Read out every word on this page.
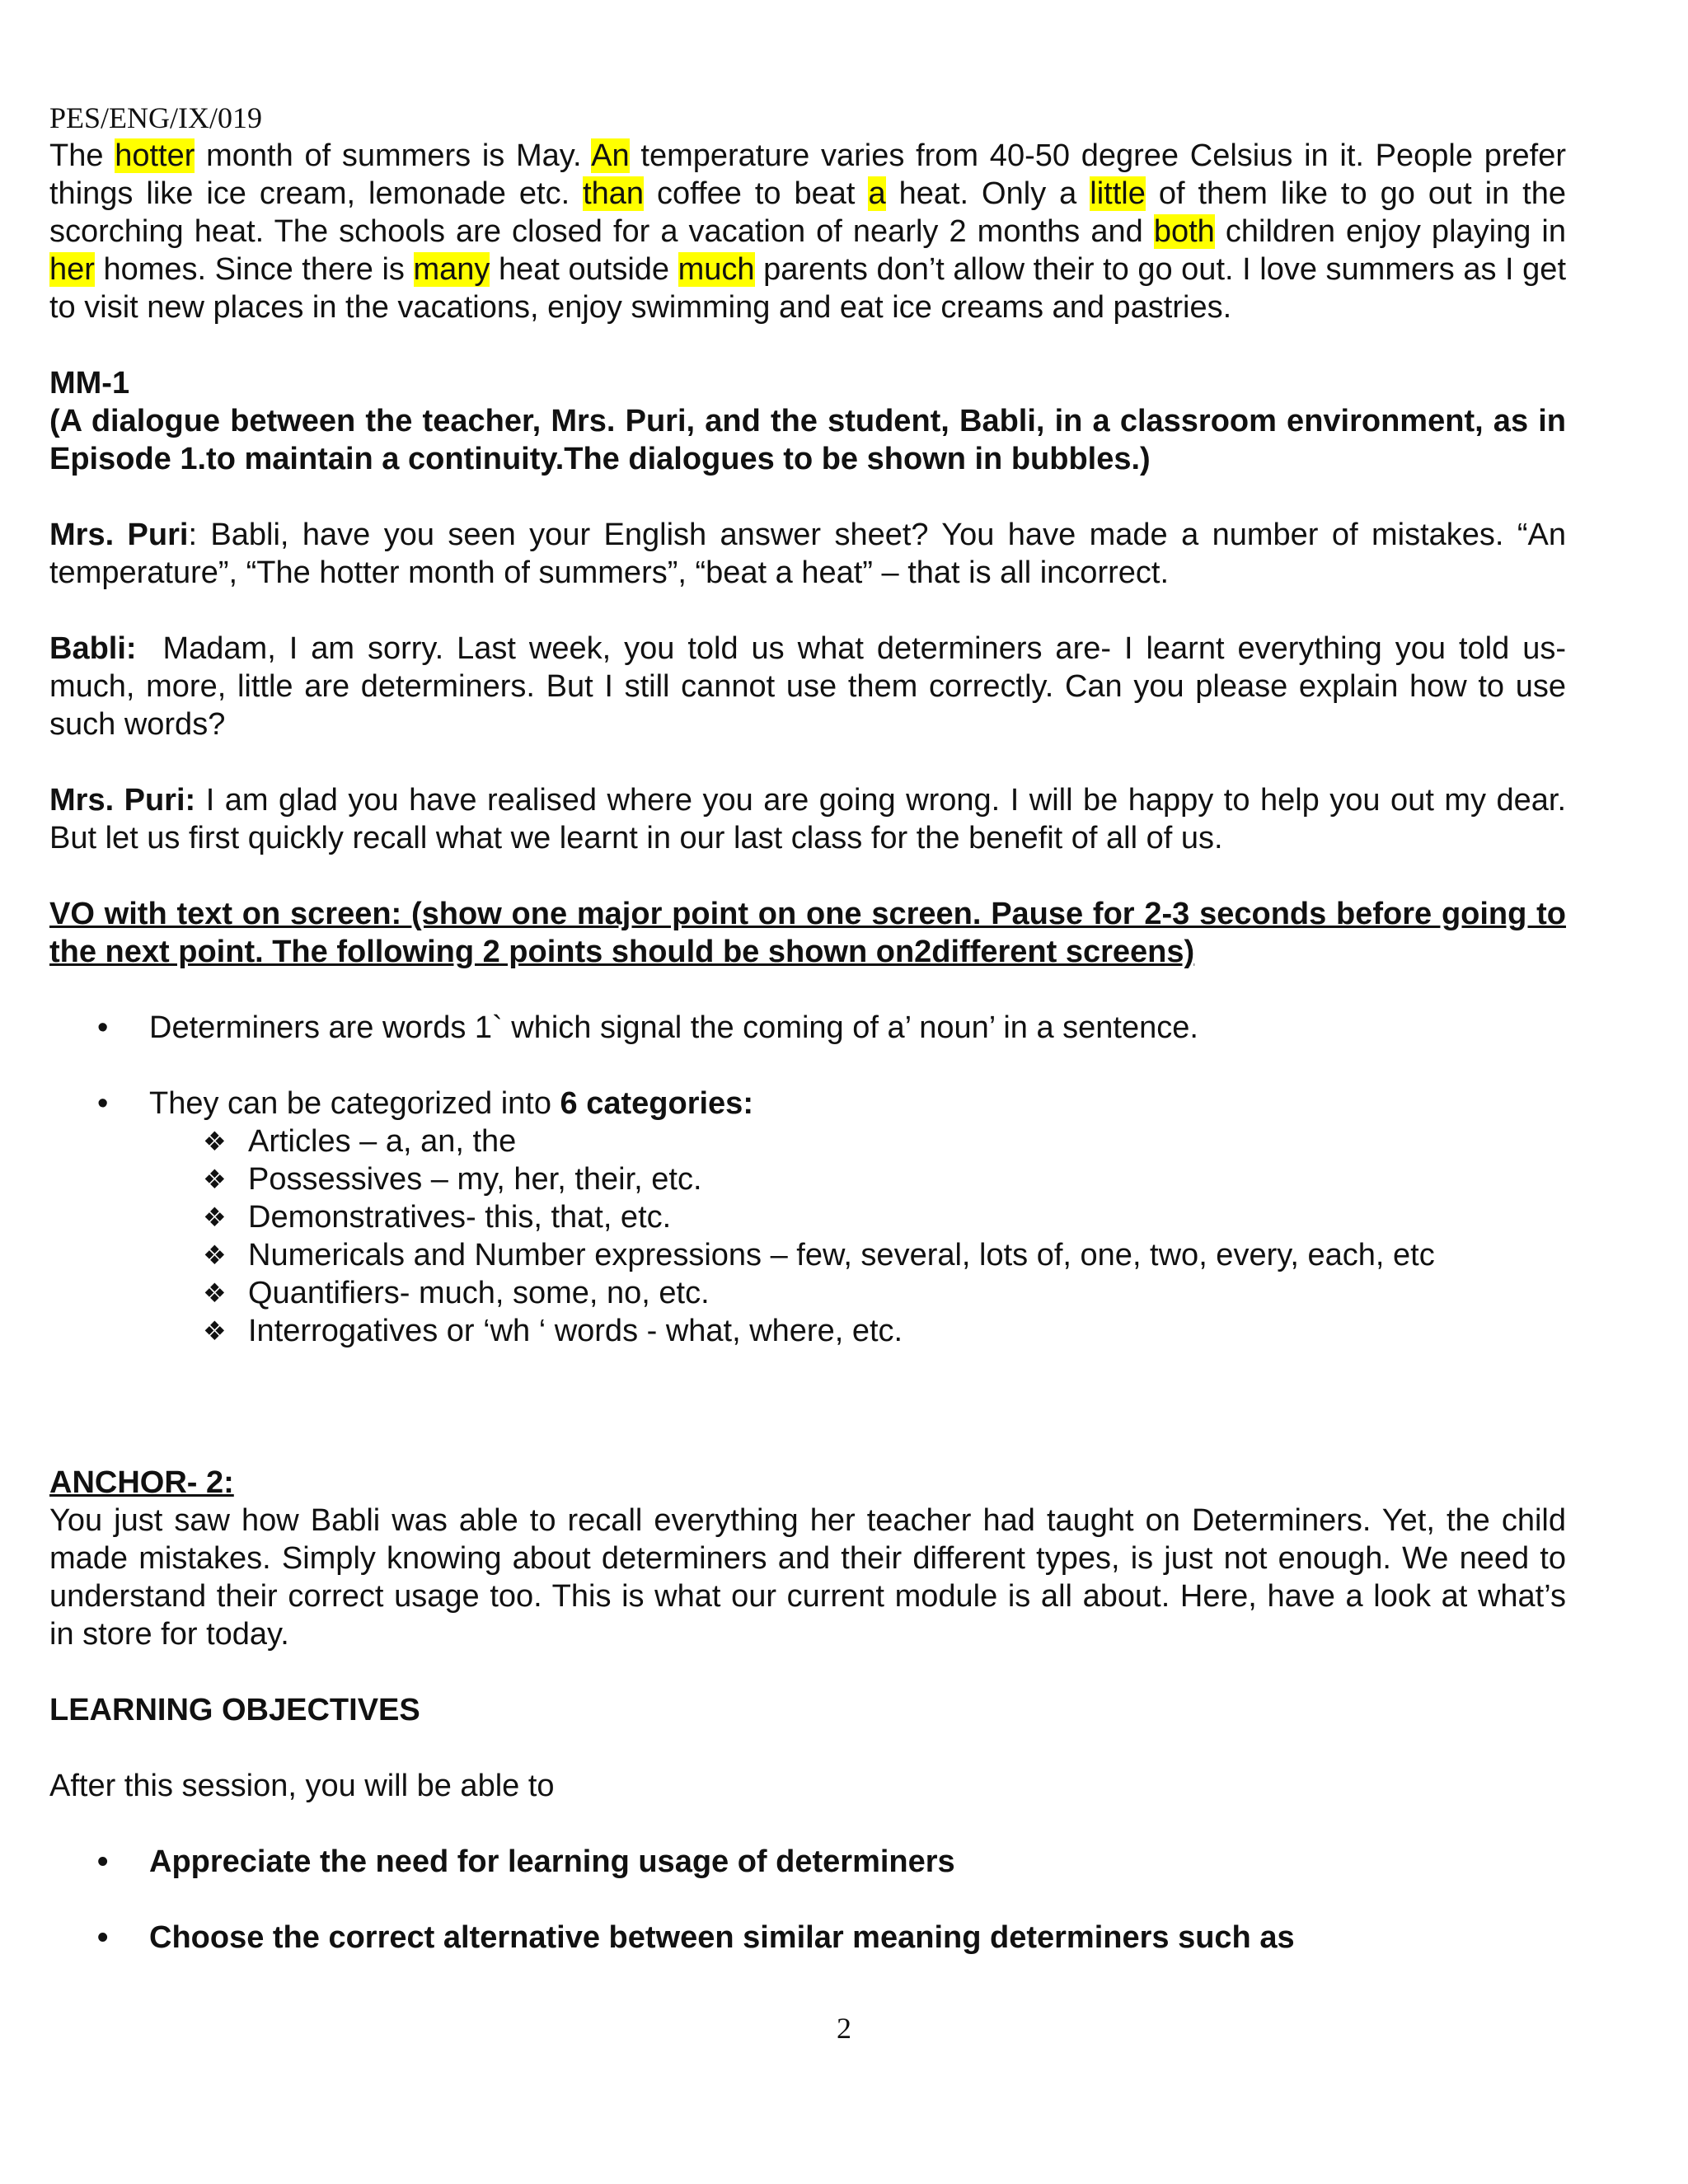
PES/ENG/IX/019

The hotter month of summers is May. An temperature varies from 40-50 degree Celsius in it. People prefer things like ice cream, lemonade etc. than coffee to beat a heat. Only a little of them like to go out in the scorching heat. The schools are closed for a vacation of nearly 2 months and both children enjoy playing in her homes. Since there is many heat outside much parents don’t allow their to go out. I love summers as I get to visit new places in the vacations, enjoy swimming and eat ice creams and pastries.

MM-1
(A dialogue between the teacher, Mrs. Puri, and the student, Babli, in a classroom environment, as in Episode 1.to maintain a continuity.The dialogues to be shown in bubbles.)

Mrs. Puri: Babli, have you seen your English answer sheet? You have made a number of mistakes. “An temperature”, “The hotter month of summers”, “beat a heat” – that is all incorrect.

Babli: Madam, I am sorry. Last week, you told us what determiners are- I learnt everything you told us- much, more, little are determiners. But I still cannot use them correctly. Can you please explain how to use such words?

Mrs. Puri: I am glad you have realised where you are going wrong. I will be happy to help you out my dear. But let us first quickly recall what we learnt in our last class for the benefit of all of us.

VO with text on screen: (show one major point on one screen. Pause for 2-3 seconds before going to the next point. The following 2 points should be shown on2different screens)
• Determiners are words 1` which signal the coming of a’ noun’ in a sentence.
• They can be categorized into 6 categories:
❖ Articles – a, an, the
❖ Possessives – my, her, their, etc.
❖ Demonstratives- this, that, etc.
❖ Numericals and Number expressions – few, several, lots of, one, two, every, each, etc
❖ Quantifiers- much, some, no, etc.
❖ Interrogatives or ‘wh ‘ words - what, where, etc.
ANCHOR- 2:
You just saw how Babli was able to recall everything her teacher had taught on Determiners. Yet, the child made mistakes. Simply knowing about determiners and their different types, is just not enough. We need to understand their correct usage too. This is what our current module is all about. Here, have a look at what’s in store for today.
LEARNING OBJECTIVES
After this session, you will be able to
• Appreciate the need for learning usage of determiners
• Choose the correct alternative between similar meaning determiners such as
2
